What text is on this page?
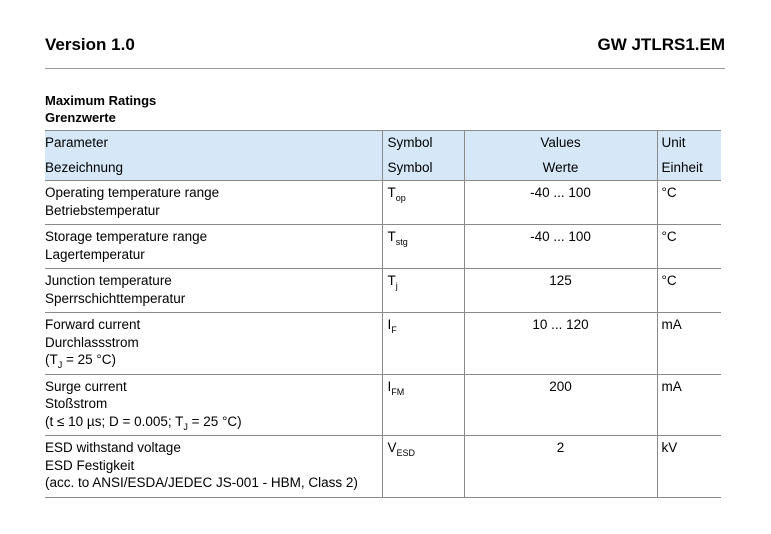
Version 1.0	GW JTLRS1.EM
Maximum Ratings
Grenzwerte
Parameter	Symbol	Values	Unit
Bezeichnung	Symbol	Werte	Einheit

Operating temperature range
Betriebstemperatur	$T_{op}$	-40 ... 100	°C

Storage temperature range
Lagertemperatur	$T_{stg}$	-40 ... 100	°C

Junction temperature
Sperrschichttemperatur	$T_j$	125	°C

Forward current
Durchlassstrom
($T_J = 25$ °C)	$I_F$	10 ... 120	mA

Surge current
Stoßstrom
(t ≤ 10 µs; D = 0.005; $T_J = 25$ °C)	$I_{FM}$	200	mA

ESD withstand voltage
ESD Festigkeit
(acc. to ANSI/ESDA/JEDEC JS-001 - HBM, Class 2)	$V_{ESD}$	2	kV
